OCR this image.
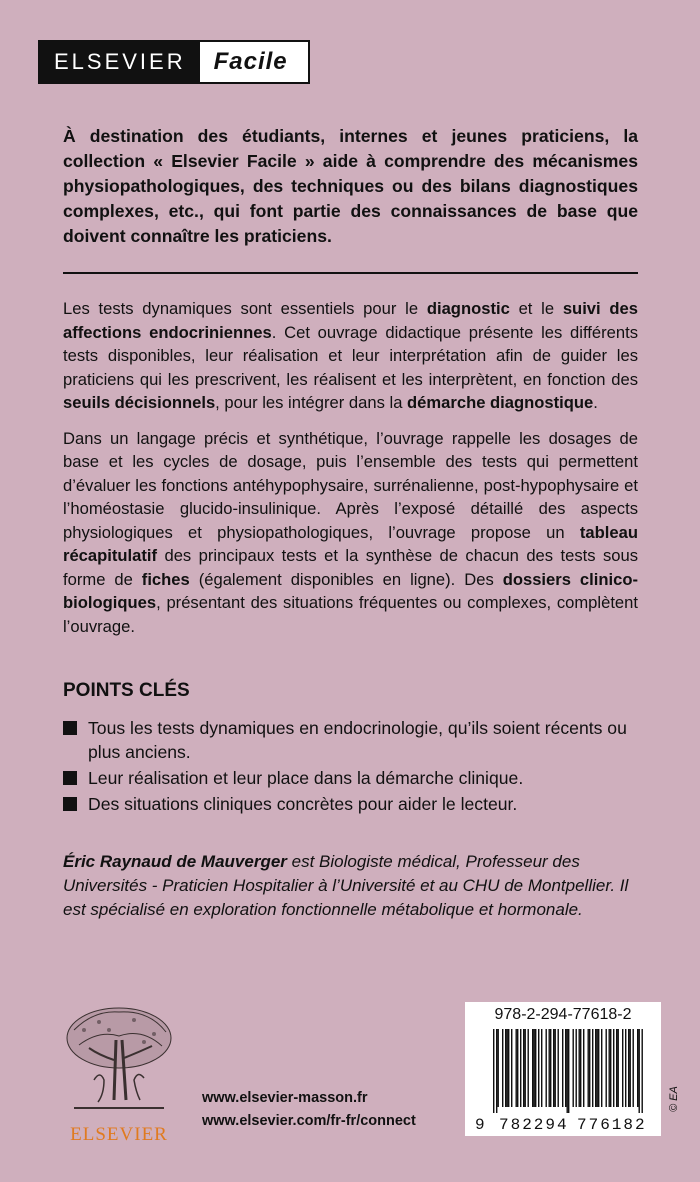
ELSEVIER	Facile

À destination des étudiants, internes et jeunes praticiens, la collection « Elsevier Facile » aide à comprendre des mécanismes physiopathologiques, des techniques ou des bilans diagnostiques complexes, etc., qui font partie des connaissances de base que doivent connaître les praticiens.

Les tests dynamiques sont essentiels pour le diagnostic et le suivi des affections endocriniennes. Cet ouvrage didactique présente les différents tests disponibles, leur réalisation et leur interprétation afin de guider les praticiens qui les prescrivent, les réalisent et les interprètent, en fonction des seuils décisionnels, pour les intégrer dans la démarche diagnostique.

Dans un langage précis et synthétique, l’ouvrage rappelle les dosages de base et les cycles de dosage, puis l’ensemble des tests qui permettent d’évaluer les fonctions antéhypophysaire, surrénalienne, post-hypophysaire et l’homéostasie glucido-insulinique. Après l’exposé détaillé des aspects physiologiques et physiopathologiques, l’ouvrage propose un tableau récapitulatif des principaux tests et la synthèse de chacun des tests sous forme de fiches (également disponibles en ligne). Des dossiers clinico-biologiques, présentant des situations fréquentes ou complexes, complètent l’ouvrage.

POINTS CLÉS
Tous les tests dynamiques en endocrinologie, qu’ils soient récents ou plus anciens.
Leur réalisation et leur place dans la démarche clinique.
Des situations cliniques concrètes pour aider le lecteur.

Éric Raynaud de Mauverger est Biologiste médical, Professeur des Universités - Praticien Hospitalier à l’Université et au CHU de Montpellier. Il est spécialisé en exploration fonctionnelle métabolique et hormonale.

ELSEVIER
www.elsevier-masson.fr
www.elsevier.com/fr-fr/connect
978-2-294-77618-2
9 782294 776182
© EA
